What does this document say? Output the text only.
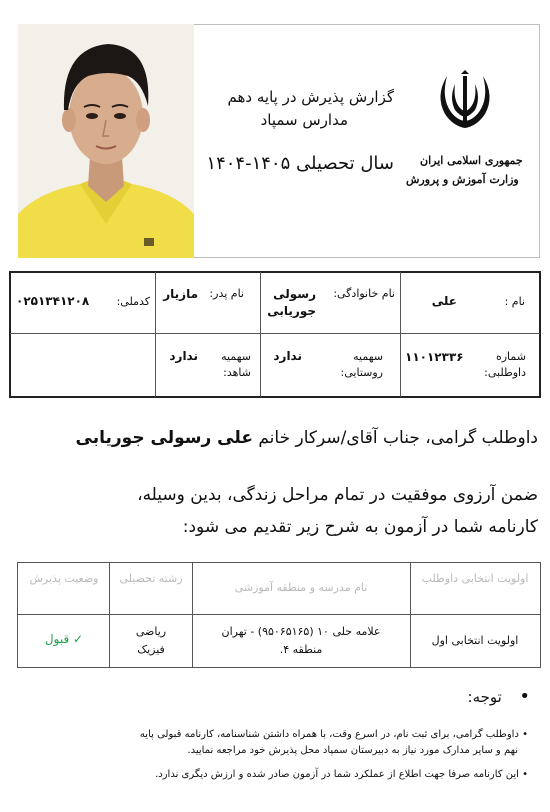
گزارش پذیرش در پایه دهم
مدارس سمپاد
سال تحصیلی ۱۴۰۵-۱۴۰۴ جمهوری اسلامی ایران
وزارت آموزش و پرورش
نام :
علی
نام خانوادگی:
رسولی جوریابی
نام پدر:
مازیار
کدملی:
۰۲۵۱۳۴۱۲۰۸
شماره داوطلبی:
۱۱۰۱۲۳۳۶
سهمیه روستایی:
ندارد
سهمیه شاهد:
ندارد
داوطلب گرامی، جناب آقای/سرکار خانم علی رسولی جوریابی
ضمن آرزوی موفقیت در تمام مراحل زندگی، بدین وسیله،
کارنامه شما در آزمون به شرح زیر تقدیم می شود:
اولویت انتخابی داوطلب
نام مدرسه و منطقه آموزشی
رشته تحصیلی
وضعیت پذیرش
اولویت انتخابی اول
علامه حلی ۱۰ (۹۵۰۶۵۱۶۵) - تهران
منطقه ۴.
ریاضی
فیزیک
✓ قبول
•  توجه:
• داوطلب گرامی، برای ثبت نام، در اسرع وقت، با همراه داشتن شناسنامه، کارنامه قبولی پایه
نهم و سایر مدارک مورد نیاز به دبیرستان سمپاد محل پذیرش خود مراجعه نمایید.
• این کارنامه صرفا جهت اطلاع از عملکرد شما در آزمون صادر شده و ارزش دیگری ندارد.
